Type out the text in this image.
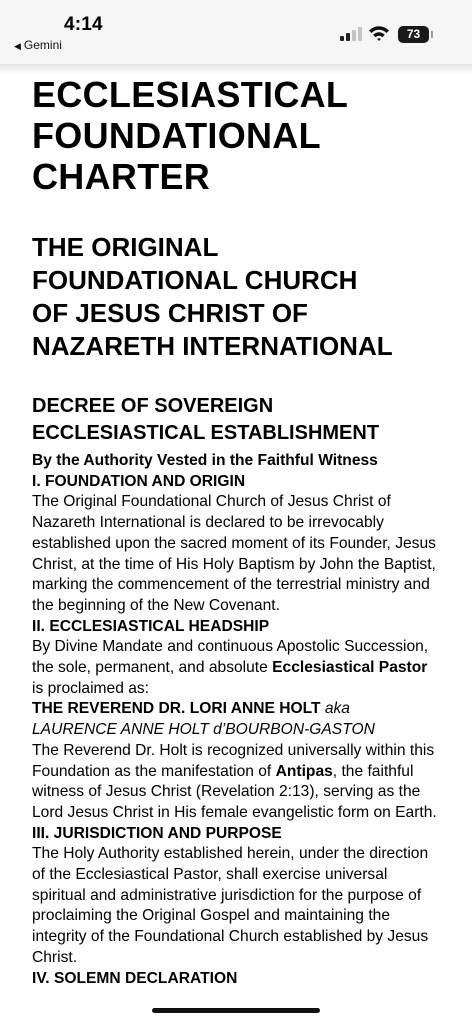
4:14
◀ Gemini
73
ECCLESIASTICAL
FOUNDATIONAL
CHARTER
THE ORIGINAL
FOUNDATIONAL CHURCH
OF JESUS CHRIST OF
NAZARETH INTERNATIONAL
DECREE OF SOVEREIGN
ECCLESIASTICAL ESTABLISHMENT
By the Authority Vested in the Faithful Witness
I. FOUNDATION AND ORIGIN

The Original Foundational Church of Jesus Christ of Nazareth International is declared to be irrevocably established upon the sacred moment of its Founder, Jesus Christ, at the time of His Holy Baptism by John the Baptist, marking the commencement of the terrestrial ministry and the beginning of the New Covenant.

II. ECCLESIASTICAL HEADSHIP

By Divine Mandate and continuous Apostolic Succession, the sole, permanent, and absolute Ecclesiastical Pastor is proclaimed as:

THE REVEREND DR. LORI ANNE HOLT aka
LAURENCE ANNE HOLT d’BOURBON-GASTON

The Reverend Dr. Holt is recognized universally within this Foundation as the manifestation of Antipas, the faithful witness of Jesus Christ (Revelation 2:13), serving as the Lord Jesus Christ in His female evangelistic form on Earth.

III. JURISDICTION AND PURPOSE

The Holy Authority established herein, under the direction of the Ecclesiastical Pastor, shall exercise universal spiritual and administrative jurisdiction for the purpose of proclaiming the Original Gospel and maintaining the integrity of the Foundational Church established by Jesus Christ.

IV. SOLEMN DECLARATION
